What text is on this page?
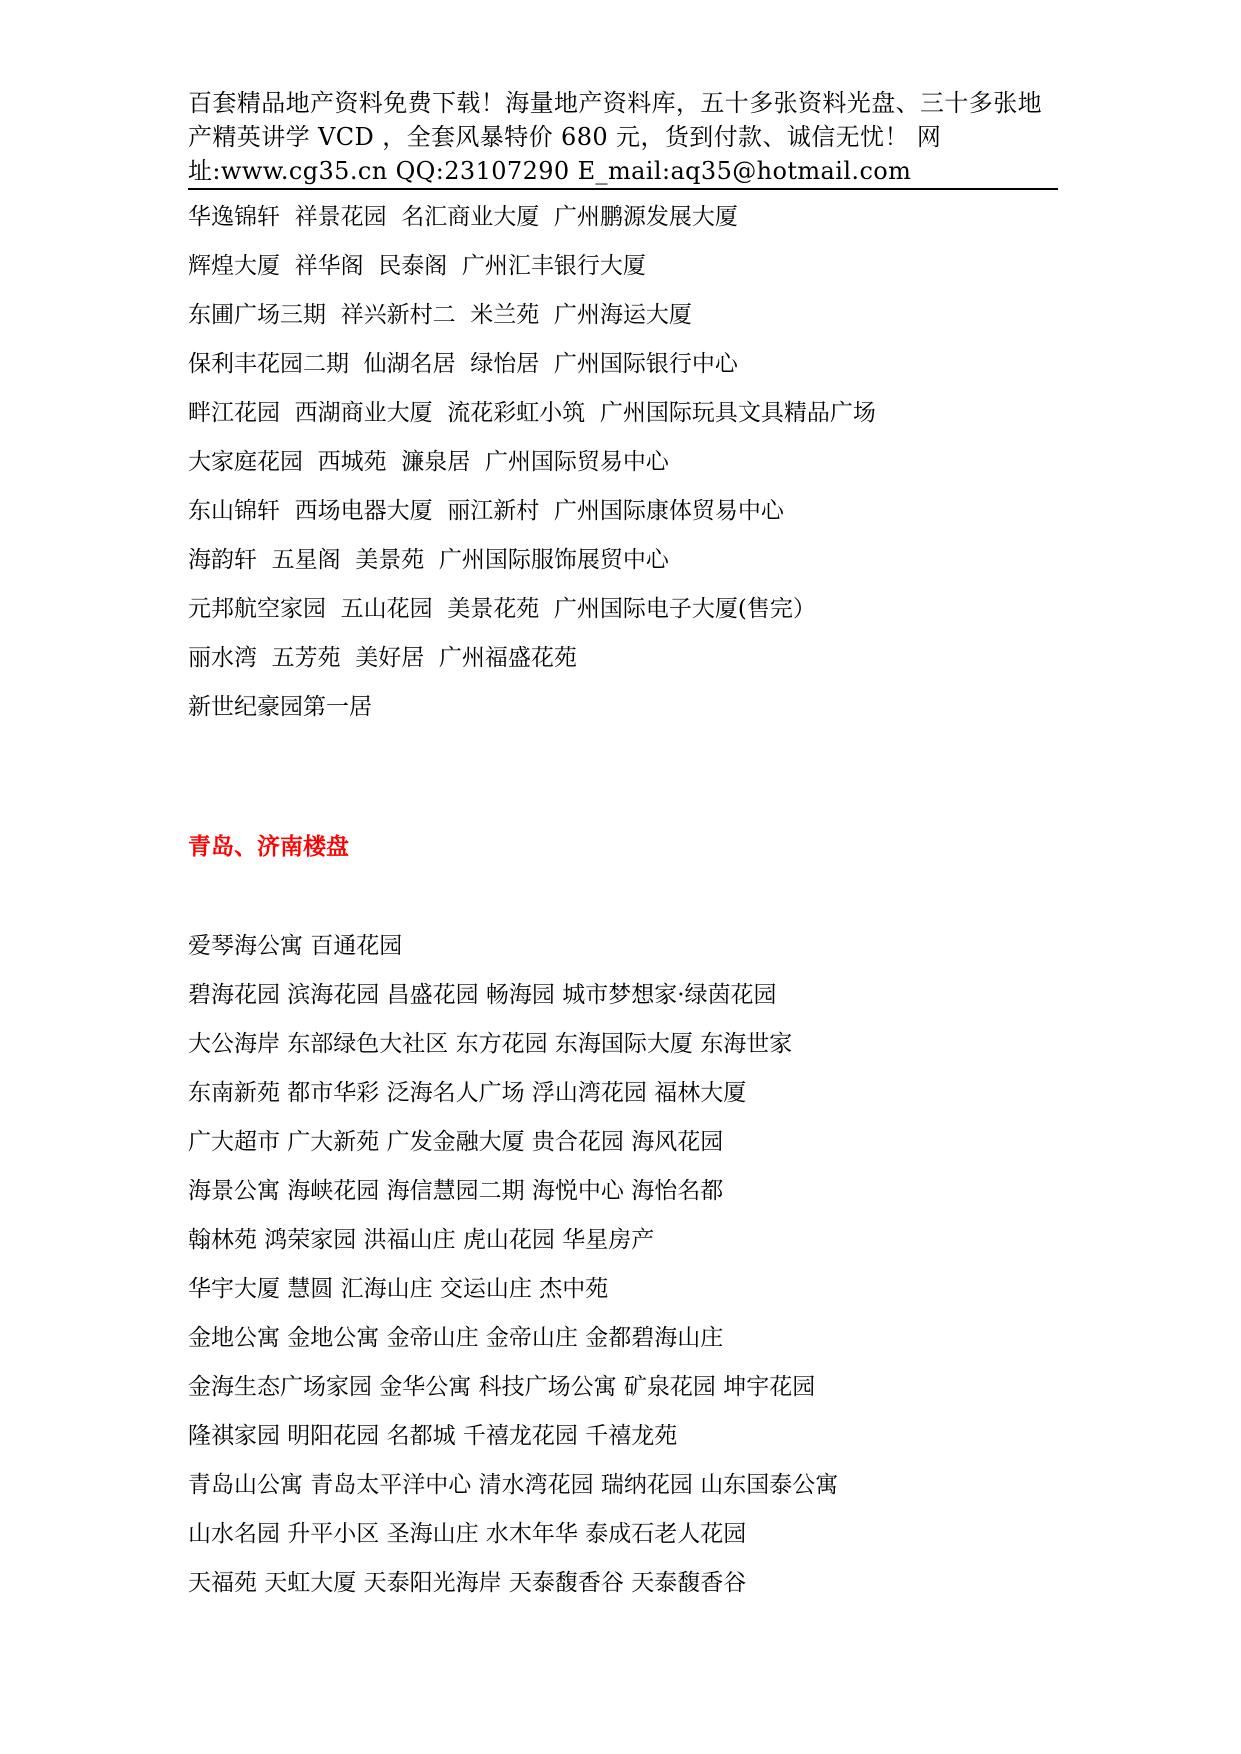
百套精品地产资料免费下载！海量地产资料库，五十多张资料光盘、三十多张地
产精英讲学 VCD ，全套风暴特价 680 元，货到付款、诚信无忧！ 网
址:www.cg35.cn QQ:23107290 E_mail:aq35@hotmail.com
华逸锦轩  祥景花园  名汇商业大厦  广州鹏源发展大厦
辉煌大厦  祥华阁  民泰阁  广州汇丰银行大厦
东圃广场三期  祥兴新村二  米兰苑  广州海运大厦
保利丰花园二期  仙湖名居  绿怡居  广州国际银行中心
畔江花园  西湖商业大厦  流花彩虹小筑  广州国际玩具文具精品广场
大家庭花园  西城苑  濂泉居  广州国际贸易中心
东山锦轩  西场电器大厦  丽江新村  广州国际康体贸易中心
海韵轩  五星阁  美景苑  广州国际服饰展贸中心
元邦航空家园  五山花园  美景花苑  广州国际电子大厦(售完）
丽水湾  五芳苑  美好居  广州福盛花苑
新世纪豪园第一居
青岛、济南楼盘
爱琴海公寓 百通花园
碧海花园 滨海花园 昌盛花园 畅海园 城市梦想家·绿茵花园
大公海岸 东部绿色大社区 东方花园 东海国际大厦 东海世家
东南新苑 都市华彩 泛海名人广场 浮山湾花园 福林大厦
广大超市 广大新苑 广发金融大厦 贵合花园 海风花园
海景公寓 海峡花园 海信慧园二期 海悦中心 海怡名都
翰林苑 鸿荣家园 洪福山庄 虎山花园 华星房产
华宇大厦 慧圆 汇海山庄 交运山庄 杰中苑
金地公寓 金地公寓 金帝山庄 金帝山庄 金都碧海山庄
金海生态广场家园 金华公寓 科技广场公寓 矿泉花园 坤宇花园
隆祺家园 明阳花园 名都城 千禧龙花园 千禧龙苑
青岛山公寓 青岛太平洋中心 清水湾花园 瑞纳花园 山东国泰公寓
山水名园 升平小区 圣海山庄 水木年华 泰成石老人花园
天福苑 天虹大厦 天泰阳光海岸 天泰馥香谷 天泰馥香谷
